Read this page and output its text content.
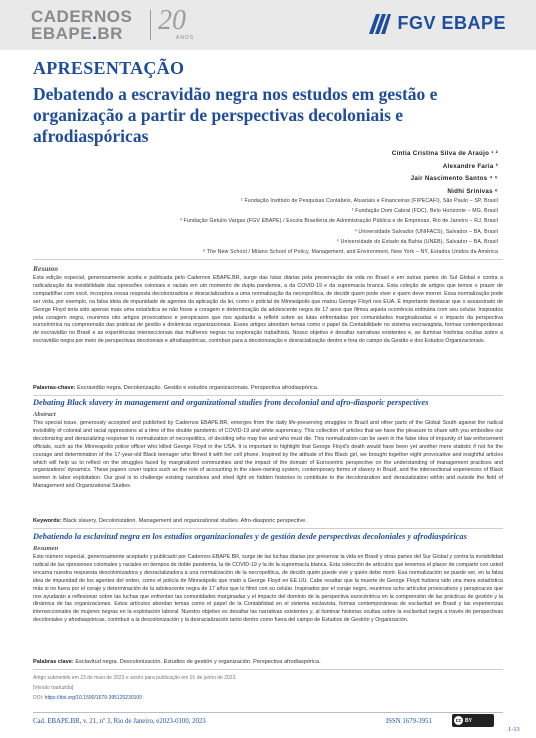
CADERNOS
EBAPE.BR	20
ANOS
FGV EBAPE
APRESENTAÇÃO
Debatendo a escravidão negra nos estudos em gestão e organização a partir de perspectivas decoloniais e afrodiaspóricas
Cíntia Cristina Silva de Araújo ¹ ²
Alexandre Faria ³
Jair Nascimento Santos ⁴ ⁵
Nidhi Srinivas ⁶
¹ Fundação Instituto de Pesquisas Contábeis, Atuariais e Financeiras (FIPECAFI), São Paulo – SP, Brasil
² Fundação Dom Cabral (FDC), Belo Horizonte – MG, Brasil
³ Fundação Getulio Vargas (FGV EBAPE) / Escola Brasileira de Administração Pública e de Empresas, Rio de Janeiro – RJ, Brasil
⁴ Universidade Salvador (UNIFACS), Salvador – BA, Brasil
⁵ Universidade do Estado da Bahia (UNEB), Salvador – BA, Brasil
⁶ The New School / Milano School of Policy, Management, and Environment, New York – NY, Estados Unidos da América
Resumo
Esta edição especial, generosamente aceita e publicada pelo Cadernos EBAPE.BR, surge das lutas diárias pela preservação da vida no Brasil e em outras partes do Sul Global e contra a radicalização da invisibilidade das opressões coloniais e raciais em um momento de dupla pandemia, a da COVID-19 e da supremacia branca. Esta coleção de artigos que temos o prazer de compartilhar com você, incorpora nossa resposta decolonizadora e desracializadora a uma normalização da necropolítica, de decidir quem pode viver e quem deve morrer. Essa normalização pode ser vista, por exemplo, na falsa ideia de impunidade de agentes da aplicação da lei, como o policial de Minneápolis que matou George Floyd nos EUA. É importante destacar que o assassinato de George Floyd teria sido apenas mais uma estatística se não fosse a coragem e determinação da adolescente negra de 17 anos que filmou aquela ocorrência ordinária com seu celular. Inspirados pela coragem negra, reunimos oito artigos provocativos e perspicazes que nos ajudarão a refletir sobre as lutas enfrentadas por comunidades marginalizadas e o impacto da perspectiva eurocêntrica na compreensão das práticas de gestão e dinâmicas organizacionais. Esses artigos abordam temas como o papel da Contabilidade no sistema escravagista, formas contemporâneas de escravidão no Brasil e as experiências interseccionais das mulheres negras na exploração trabalhista. Nosso objetivo é desafiar narrativas existentes e, ao iluminar histórias ocultas sobre a escravidão negra por meio de perspectivas decoloniais e afrodiaspóricas, contribuir para a decolonização e desracialização dentro e fora do campo da Gestão e dos Estudos Organizacionais.
Palavras-chave: Escravidão negra. Decolonização. Gestão e estudos organizacionais. Perspectiva afrodiaspórica.
Debating Black slavery in management and organizational studies from decolonial and afro-diasporic perspectives
Abstract
This special issue, generously accepted and published by Cadernos EBAPE.BR, emerges from the daily life-preserving struggles in Brazil and other parts of the Global South against the radical invisibility of colonial and racial oppressions at a time of the double pandemic of COVID-19 and white supremacy. This collection of articles that we have the pleasure to share with you embodies our decolonizing and deracializing response to normalization of necropolitics, of deciding who may live and who must die. This normalization can be seen in the false idea of impunity of law enforcement officials, such as the Minneapolis police officer who killed George Floyd in the USA. It is important to highlight that George Floyd's death would have been yet another mere statistic if not for the courage and determination of the 17-year-old Black teenager who filmed it with her cell phone. Inspired by the attitude of this Black girl, we brought together eight provocative and insightful articles which will help us to reflect on the struggles faced by marginalized communities and the impact of the domain of Eurocentric perspective on the understanding of management practices and organizations' dynamics. These papers cover topics such as the role of accounting in the slave-owning system, contemporary forms of slavery in Brazil, and the intersectional experiences of Black women in labor exploitation. Our goal is to challenge existing narratives and shed light on hidden histories to contribute to the decolonization and deracialization within and outside the field of Management and Organizational Studies.
Keywords: Black slavery. Decolonization. Management and organizational studies. Afro-diasporic perspective.
Debatiendo la esclavitud negra en los estudios organizacionales y de gestión desde perspectivas decoloniales y afrodiaspóricas
Resumen
Este número especial, generosamente aceptado y publicado por Cadernos EBAPE.BR, surge de las luchas diarias por preservar la vida en Brasil y otras partes del Sur Global y contra la invisibilidad radical de las opresiones coloniales y raciales en tiempos de doble pandemia, la de COVID-19 y la de la supremacía blanca. Esta colección de artículos que tenemos el placer de compartir con usted encarna nuestra respuesta descolonizadora y desracializadora a una normalización de la necropolítica, de decidir quién puede vivir y quién debe morir. Esa normalización se puede ver, en la falsa idea de impunidad de los agentes del orden, como el policía de Minneápolis que mató a George Floyd en EE.UU. Cabe resaltar que la muerte de George Floyd hubiera sido una mera estadística más si no fuera por el coraje y determinación de la adolescente negra de 17 años que lo filmó con su celular. Inspirados por el coraje negro, reunimos ocho artículos provocativos y perspicaces que nos ayudarán a reflexionar sobre las luchas que enfrentan las comunidades marginadas y el impacto del dominio de la perspectiva eurocéntrica en la comprensión de las prácticas de gestión y la dinámica de las organizaciones. Estos artículos abordan temas como el papel de la Contabilidad en el sistema esclavista, formas contemporáneas de esclavitud en Brasil y las experiencias interseccionales de mujeres negras en la explotación laboral. Nuestro objetivo es desafiar las narrativas existentes y, al iluminar historias ocultas sobre la esclavitud negra a través de perspectivas decoloniales y afrodiaspóricas, contribuir a la descolonización y la desracialización tanto dentro como fuera del campo de Estudios de Gestión y Organización.
Palabras clave: Esclavitud negra. Descolonización. Estudios de gestión y organización. Perspectiva afrodiaspórica.
Artigo submetido em 23 de maio de 2023 e aceito para publicação em 01 de junho de 2023.
[Versão traduzida]
DOI: https://doi.org/10.1590/1679-395120230100
Cad. EBAPE.BR, v. 21, nº 3, Rio de Janeiro, e2023-0100, 2023	ISSN 1679-3951	cc BY
1-13
